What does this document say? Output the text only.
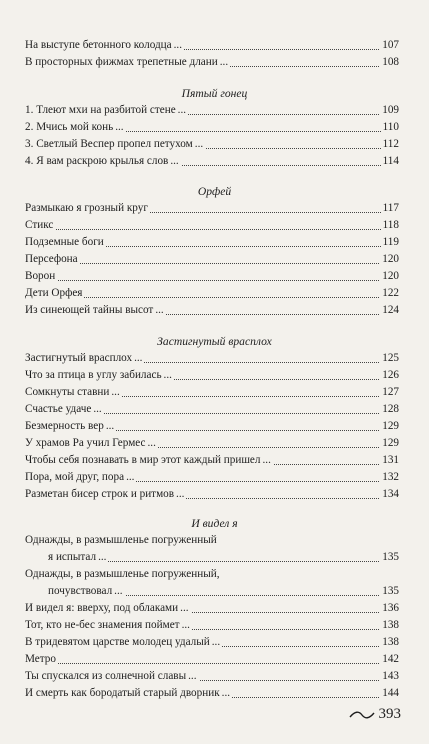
На выступе бетонного колодца ...	107
В просторных фижмах трепетные длани ...	108
Пятый гонец
1. Тлеют мхи на разбитой стене ...	109
2. Мчись мой конь ...	110
3. Светлый Веспер пропел петухом ...	112
4. Я вам раскрою крылья слов ...	114
Орфей
Размыкаю я грозный круг	117
Стикс	118
Подземные боги	119
Персефона	120
Ворон	120
Дети Орфея	122
Из синеющей тайны высот ...	124
Застигнутый врасплох
Застигнутый врасплох ...	125
Что за птица в углу забилась ...	126
Сомкнуты ставни ...	127
Счастье удаче ...	128
Безмерность вер ...	129
У храмов Ра учил Гермес ...	129
Чтобы себя познавать в мир этот каждый пришел ...	131
Пора, мой друг, пора ...	132
Разметан бисер строк и ритмов ...	134
И видел я
Однажды, в размышленье погруженный
я испытал ...	135
Однажды, в размышленье погруженный,
почувствовал ...	135
И видел я: вверху, под облаками ...	136
Тот, кто не-бес знамения поймет ...	138
В тридевятом царстве молодец удалый ...	138
Метро	142
Ты спускался из солнечной славы ...	143
И смерть как бородатый старый дворник ...	144
393
